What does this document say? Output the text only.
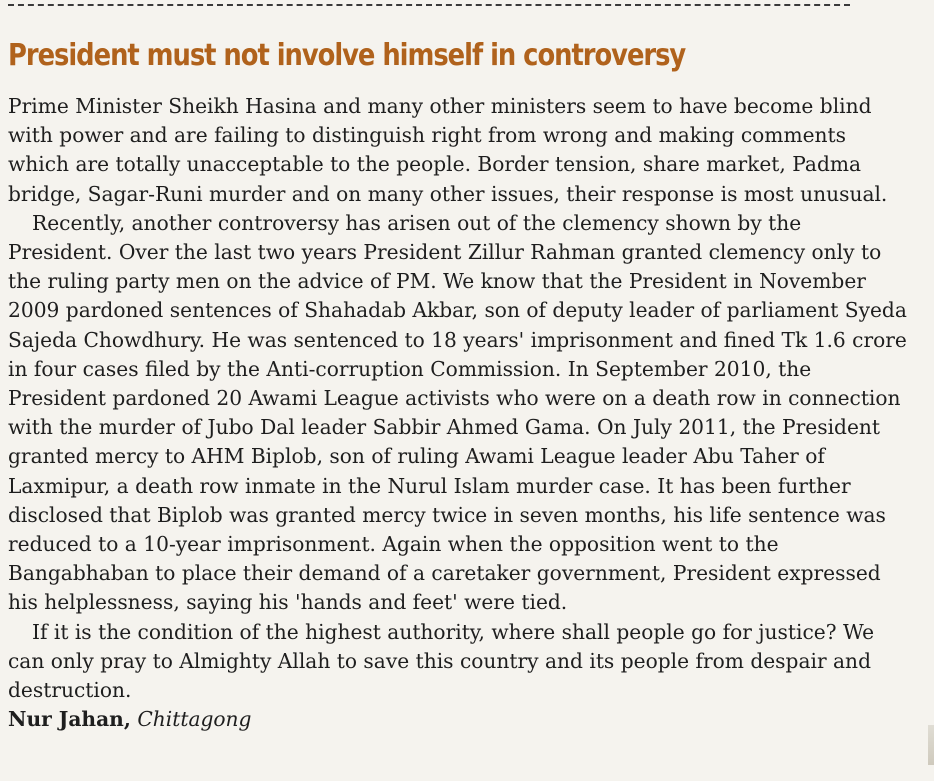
President must not involve himself in controversy

Prime Minister Sheikh Hasina and many other ministers seem to have become blind with power and are failing to distinguish right from wrong and making comments which are totally unacceptable to the people. Border tension, share market, Padma bridge, Sagar-Runi murder and on many other issues, their response is most unusual.

Recently, another controversy has arisen out of the clemency shown by the President. Over the last two years President Zillur Rahman granted clemency only to the ruling party men on the advice of PM. We know that the President in November 2009 pardoned sentences of Shahadab Akbar, son of deputy leader of parliament Syeda Sajeda Chowdhury. He was sentenced to 18 years' imprisonment and fined Tk 1.6 crore in four cases filed by the Anti-corruption Commission. In September 2010, the President pardoned 20 Awami League activists who were on a death row in connection with the murder of Jubo Dal leader Sabbir Ahmed Gama. On July 2011, the President granted mercy to AHM Biplob, son of ruling Awami League leader Abu Taher of Laxmipur, a death row inmate in the Nurul Islam murder case. It has been further disclosed that Biplob was granted mercy twice in seven months, his life sentence was reduced to a 10-year imprisonment. Again when the opposition went to the Bangabhaban to place their demand of a caretaker government, President expressed his helplessness, saying his 'hands and feet' were tied.

If it is the condition of the highest authority, where shall people go for justice? We can only pray to Almighty Allah to save this country and its people from despair and destruction.

Nur Jahan, Chittagong
